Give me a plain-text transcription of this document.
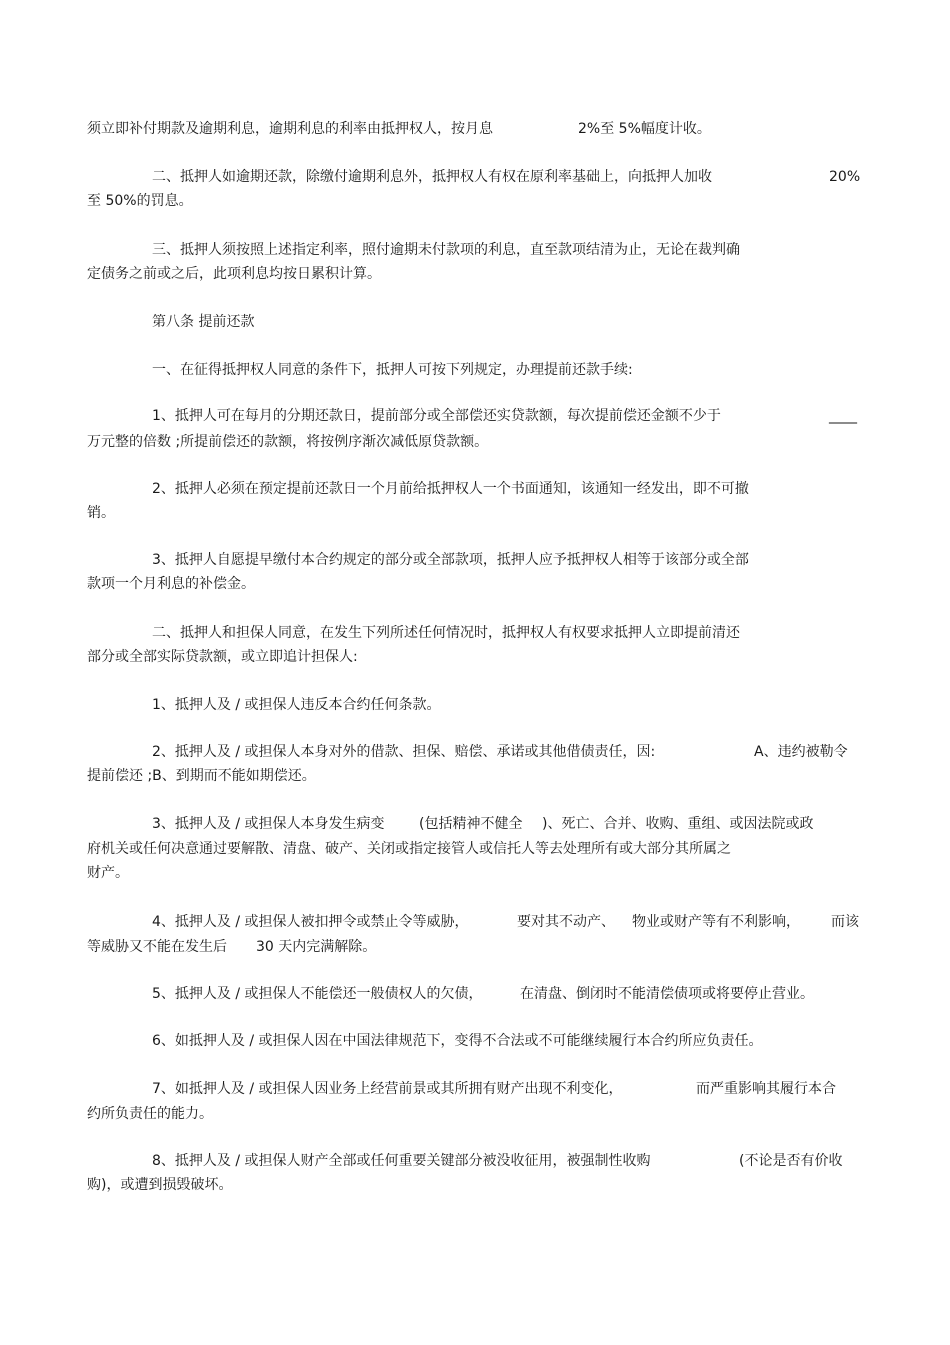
须立即补付期款及逾期利息，逾期利息的利率由抵押权人，按月息	2%至 5%幅度计收。
二、抵押人如逾期还款，除缴付逾期利息外，抵押权人有权在原利率基础上，向抵押人加收	20%
至 50%的罚息。
三、抵押人须按照上述指定利率，照付逾期未付款项的利息，直至款项结清为止，无论在裁判确
定债务之前或之后，此项利息均按日累积计算。
第八条 提前还款
一、在征得抵押权人同意的条件下，抵押人可按下列规定，办理提前还款手续:
1、抵押人可在每月的分期还款日，提前部分或全部偿还实贷款额，每次提前偿还金额不少于	____
万元整的倍数 ;所提前偿还的款额，将按例序渐次减低原贷款额。
2、抵押人必须在预定提前还款日一个月前给抵押权人一个书面通知，该通知一经发出，即不可撤
销。
3、抵押人自愿提早缴付本合约规定的部分或全部款项，抵押人应予抵押权人相等于该部分或全部
款项一个月利息的补偿金。
二、抵押人和担保人同意，在发生下列所述任何情况时，抵押权人有权要求抵押人立即提前清还
部分或全部实际贷款额，或立即追计担保人:
1、抵押人及 / 或担保人违反本合约任何条款。
2、抵押人及 / 或担保人本身对外的借款、担保、赔偿、承诺或其他借债责任，因:	A、违约被勒令
提前偿还 ;B、到期而不能如期偿还。
3、抵押人及 / 或担保人本身发生病变 (包括精神不健全 )、死亡、合并、收购、重组、或因法院或政
府机关或任何决意通过要解散、清盘、破产、关闭或指定接管人或信托人等去处理所有或大部分其所属之
财产。
4、抵押人及 / 或担保人被扣押令或禁止令等威胁，	要对其不动产、 物业或财产等有不利影响， 而该
等威胁又不能在发生后 30 天内完满解除。
5、抵押人及 / 或担保人不能偿还一般债权人的欠债，	在清盘、倒闭时不能清偿债项或将要停止营业。
6、如抵押人及 / 或担保人因在中国法律规范下，变得不合法或不可能继续履行本合约所应负责任。
7、如抵押人及 / 或担保人因业务上经营前景或其所拥有财产出现不利变化，	而严重影响其履行本合
约所负责任的能力。
8、抵押人及 / 或担保人财产全部或任何重要关键部分被没收征用，被强制性收购	(不论是否有价收
购)，或遭到损毁破坏。
